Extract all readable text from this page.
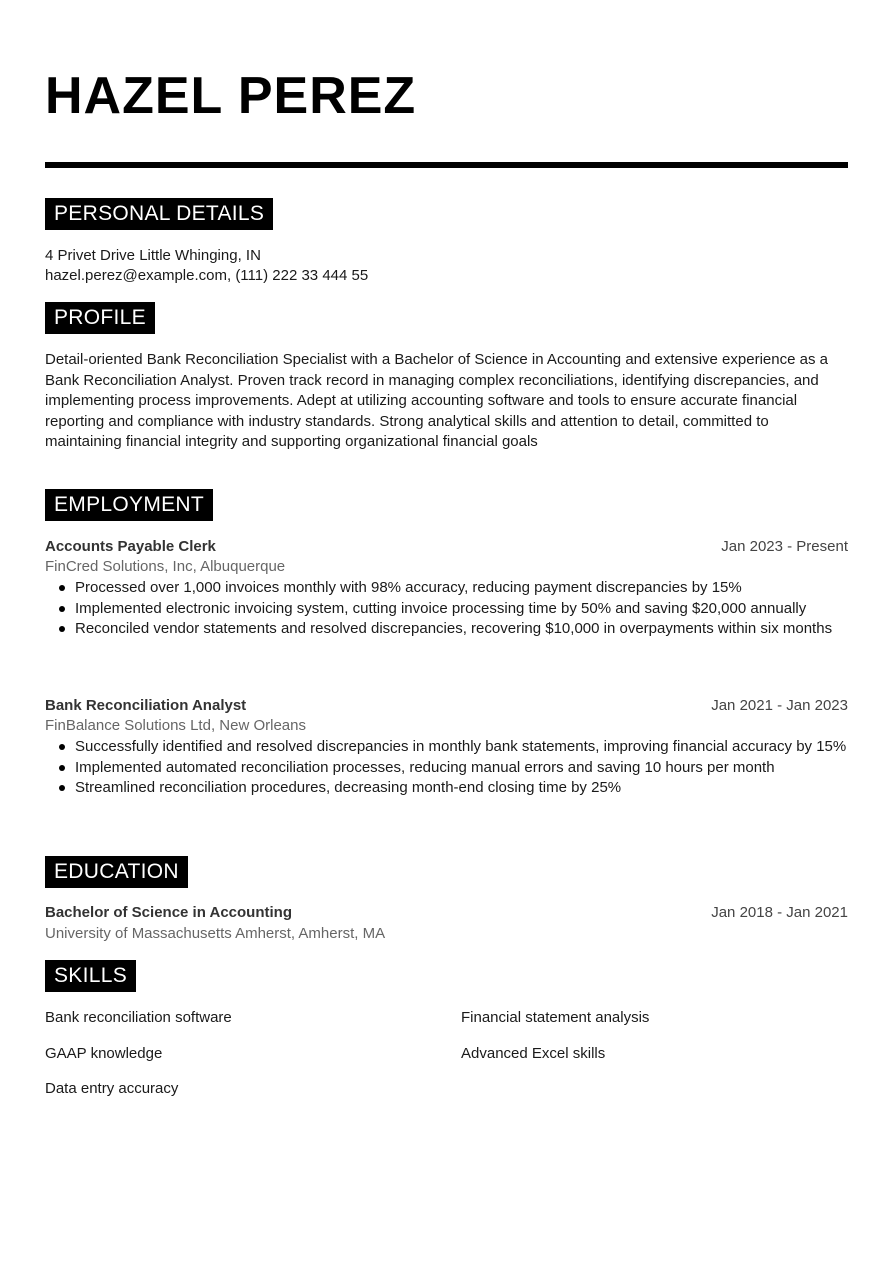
HAZEL PEREZ
PERSONAL DETAILS
4 Privet Drive Little Whinging, IN
hazel.perez@example.com, (111) 222 33 444 55
PROFILE
Detail-oriented Bank Reconciliation Specialist with a Bachelor of Science in Accounting and extensive experience as a Bank Reconciliation Analyst. Proven track record in managing complex reconciliations, identifying discrepancies, and implementing process improvements. Adept at utilizing accounting software and tools to ensure accurate financial reporting and compliance with industry standards. Strong analytical skills and attention to detail, committed to maintaining financial integrity and supporting organizational financial goals
EMPLOYMENT
Accounts Payable Clerk	Jan 2023 - Present
FinCred Solutions, Inc, Albuquerque
Processed over 1,000 invoices monthly with 98% accuracy, reducing payment discrepancies by 15%
Implemented electronic invoicing system, cutting invoice processing time by 50% and saving $20,000 annually
Reconciled vendor statements and resolved discrepancies, recovering $10,000 in overpayments within six months
Bank Reconciliation Analyst	Jan 2021 - Jan 2023
FinBalance Solutions Ltd, New Orleans
Successfully identified and resolved discrepancies in monthly bank statements, improving financial accuracy by 15%
Implemented automated reconciliation processes, reducing manual errors and saving 10 hours per month
Streamlined reconciliation procedures, decreasing month-end closing time by 25%
EDUCATION
Bachelor of Science in Accounting	Jan 2018 - Jan 2021
University of Massachusetts Amherst, Amherst, MA
SKILLS
Bank reconciliation software	Financial statement analysis
GAAP knowledge	Advanced Excel skills
Data entry accuracy
